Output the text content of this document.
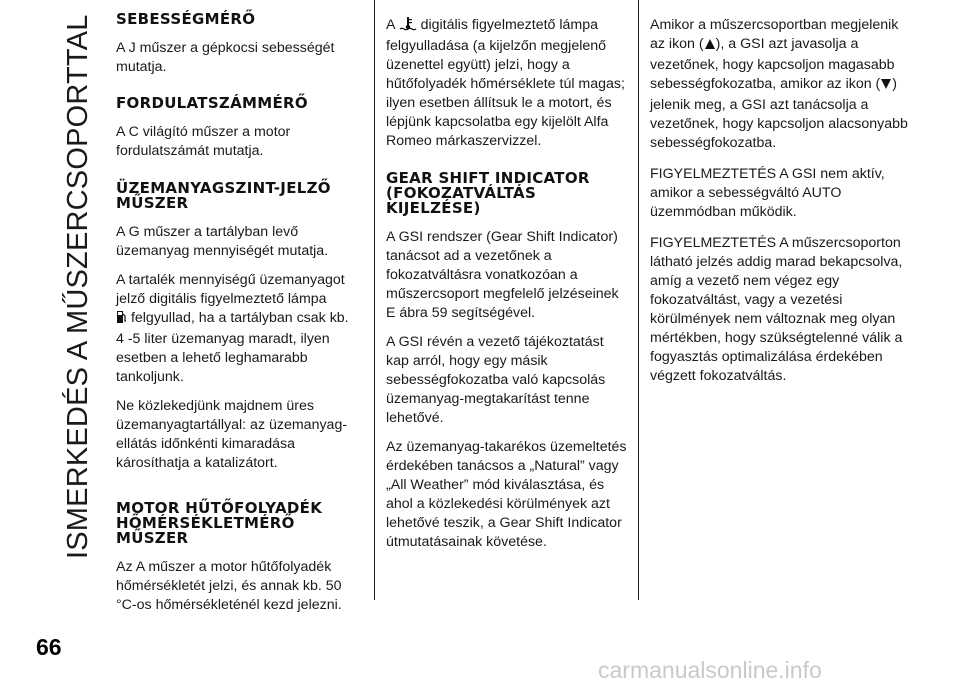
ISMERKEDÉS A MŰSZERCSOPORTTAL	SEBESSÉGMÉRŐ

A J műszer a gépkocsi sebességét mutatja.

FORDULATSZÁMMÉRŐ

A C világító műszer a motor fordulatszámát mutatja.

ÜZEMANYAGSZINT-JELZŐ
MŰSZER

A G műszer a tartályban levő üzemanyag mennyiségét mutatja.

A tartalék mennyiségű üzemanyagot jelző digitális figyelmeztető lámpa
felgyullad, ha a tartályban csak kb. 4 -5 liter üzemanyag maradt, ilyen esetben a lehető leghamarabb tankoljunk.

Ne közlekedjünk majdnem üres üzemanyagtartállyal: az üzemanyag-ellátás időnkénti kimaradása károsíthatja a katalizátort.

MOTOR HŰTŐFOLYADÉK
HŐMÉRSÉKLETMÉRŐ
MŰSZER

Az A műszer a motor hűtőfolyadék hőmérsékletét jelzi, és annak kb. 50 °C-os hőmérsékleténél kezd jelezni.

A digitális figyelmeztető lámpa felgyulladása (a kijelzőn megjelenő üzenettel együtt) jelzi, hogy a hűtőfolyadék hőmérséklete túl magas; ilyen esetben állítsuk le a motort, és lépjünk kapcsolatba egy kijelölt Alfa Romeo márkaszervizzel.

GEAR SHIFT INDICATOR
(FOKOZATVÁLTÁS
KIJELZÉSE)

A GSI rendszer (Gear Shift Indicator) tanácsot ad a vezetőnek a fokozatváltásra vonatkozóan a műszercsoport megfelelő jelzéseinek E ábra 59 segítségével.

A GSI révén a vezető tájékoztatást kap arról, hogy egy másik sebességfokozatba való kapcsolás üzemanyag-megtakarítást tenne lehetővé.

Az üzemanyag-takarékos üzemeltetés érdekében tanácsos a „Natural” vagy „All Weather” mód kiválasztása, és ahol a közlekedési körülmények azt lehetővé teszik, a Gear Shift Indicator útmutatásainak követése.

Amikor a műszercsoportban megjelenik az ikon ( ), a GSI azt javasolja a vezetőnek, hogy kapcsoljon magasabb sebességfokozatba, amikor az ikon ( ) jelenik meg, a GSI azt tanácsolja a vezetőnek, hogy kapcsoljon alacsonyabb sebességfokozatba.

FIGYELMEZTETÉS A GSI nem aktív, amikor a sebességváltó AUTO üzemmódban működik.

FIGYELMEZTETÉS A műszercsoporton látható jelzés addig marad bekapcsolva, amíg a vezető nem végez egy fokozatváltást, vagy a vezetési körülmények nem változnak meg olyan mértékben, hogy szükségtelenné válik a fogyasztás optimalizálása érdekében végzett fokozatváltás.

66
carmanualsonline.info
